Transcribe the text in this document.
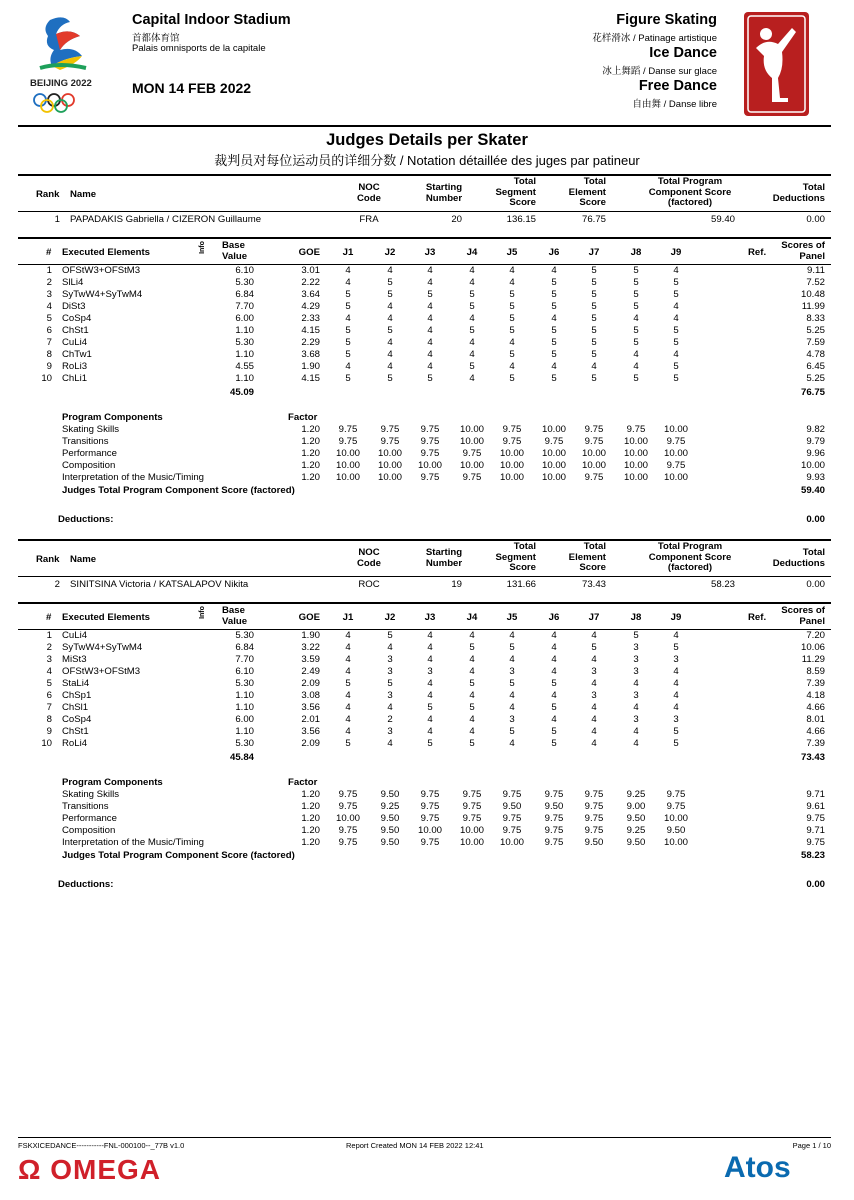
BEIJING 2022
Capital Indoor Stadium
首都体育馆
Palais omnisports de la capitale
MON 14 FEB 2022
Figure Skating
花样滑冰 / Patinage artistique
Ice Dance
冰上舞蹈 / Danse sur glace
Free Dance
自由舞 / Danse libre
Judges Details per Skater
裁判员对每位运动员的详细分数 / Notation détaillée des juges par patineur
Rank Name
NOC
Code
Starting
Number
Total
Segment
Score
Total
Element
Score
Total Program
Component Score
(factored)
Total
Deductions
1 PAPADAKIS Gabriella / CIZERON Guillaume	FRA	20	136.15	76.75	59.40	0.00
# Executed Elements	Info Base
Value	GOE	J1	J2	J3	J4	J5	J6	J7	J8	J9	Ref.
Scores of
Panel
1 OFStW3+OFStM3	6.10	3.01	4	4	4	4	4	4	5	5	4	9.11
2 SlLi4	5.30	2.22	4	5	4	4	4	5	5	5	5	7.52
3 SyTwW4+SyTwM4	6.84	3.64	5	5	5	5	5	5	5	5	5	10.48
4 DiSt3	7.70	4.29	5	4	4	5	5	5	5	5	4	11.99
5 CoSp4	6.00	2.33	4	4	4	4	5	4	5	4	4	8.33
6 ChSt1	1.10	4.15	5	5	4	5	5	5	5	5	5	5.25
7 CuLi4	5.30	2.29	5	4	4	4	4	5	5	5	5	7.59
8 ChTw1	1.10	3.68	5	4	4	4	5	5	5	4	4	4.78
9 RoLi3	4.55	1.90	4	4	4	5	4	4	4	4	5	6.45
10 ChLi1	1.10	4.15	5	5	5	4	5	5	5	5	5	5.25
45.09	76.75
Program Components	Factor
Skating Skills	1.20	9.75	9.75	9.75	10.00	9.75	10.00	9.75	9.75	10.00	9.82
Transitions	1.20	9.75	9.75	9.75	10.00	9.75	9.75	9.75	10.00	9.75	9.79
Performance	1.20	10.00	10.00	9.75	9.75	10.00	10.00	10.00	10.00	10.00	9.96
Composition	1.20	10.00	10.00	10.00	10.00	10.00	10.00	10.00	10.00	9.75	10.00
Interpretation of the Music/Timing	1.20	10.00	10.00	9.75	9.75	10.00	10.00	9.75	10.00	10.00	9.93
Judges Total Program Component Score (factored)	59.40
Deductions:	0.00
Rank Name
NOC
Code
Starting
Number
Total
Segment
Score
Total
Element
Score
Total Program
Component Score
(factored)
Total
Deductions
2 SINITSINA Victoria / KATSALAPOV Nikita	ROC	19	131.66	73.43	58.23	0.00
# Executed Elements	Info Base
Value	GOE	J1	J2	J3	J4	J5	J6	J7	J8	J9	Ref.
Scores of
Panel
1 CuLi4	5.30	1.90	4	5	4	4	4	4	4	5	4	7.20
2 SyTwW4+SyTwM4	6.84	3.22	4	4	4	5	5	4	5	3	5	10.06
3 MiSt3	7.70	3.59	4	3	4	4	4	4	4	3	3	11.29
4 OFStW3+OFStM3	6.10	2.49	4	3	3	4	3	4	3	3	4	8.59
5 StaLi4	5.30	2.09	5	5	4	5	5	5	4	4	4	7.39
6 ChSp1	1.10	3.08	4	3	4	4	4	4	3	3	4	4.18
7 ChSl1	1.10	3.56	4	4	5	5	4	5	4	4	4	4.66
8 CoSp4	6.00	2.01	4	2	4	4	3	4	4	3	3	8.01
9 ChSt1	1.10	3.56	4	3	4	4	5	5	4	4	5	4.66
10 RoLi4	5.30	2.09	5	4	5	5	4	5	4	4	5	7.39
45.84	73.43
Program Components	Factor
Skating Skills	1.20	9.75	9.50	9.75	9.75	9.75	9.75	9.75	9.25	9.75	9.71
Transitions	1.20	9.75	9.25	9.75	9.75	9.50	9.50	9.75	9.00	9.75	9.61
Performance	1.20	10.00	9.50	9.75	9.75	9.75	9.75	9.75	9.50	10.00	9.75
Composition	1.20	9.75	9.50	10.00	10.00	9.75	9.75	9.75	9.25	9.50	9.71
Interpretation of the Music/Timing	1.20	9.75	9.50	9.75	10.00	10.00	9.75	9.50	9.50	10.00	9.75
Judges Total Program Component Score (factored)	58.23
Deductions:	0.00
FSKXICEDANCE-----------FNL-000100--_77B v1.0	Report Created MON 14 FEB 2022 12:41	Page 1 / 10
Ω OMEGA	Atos
